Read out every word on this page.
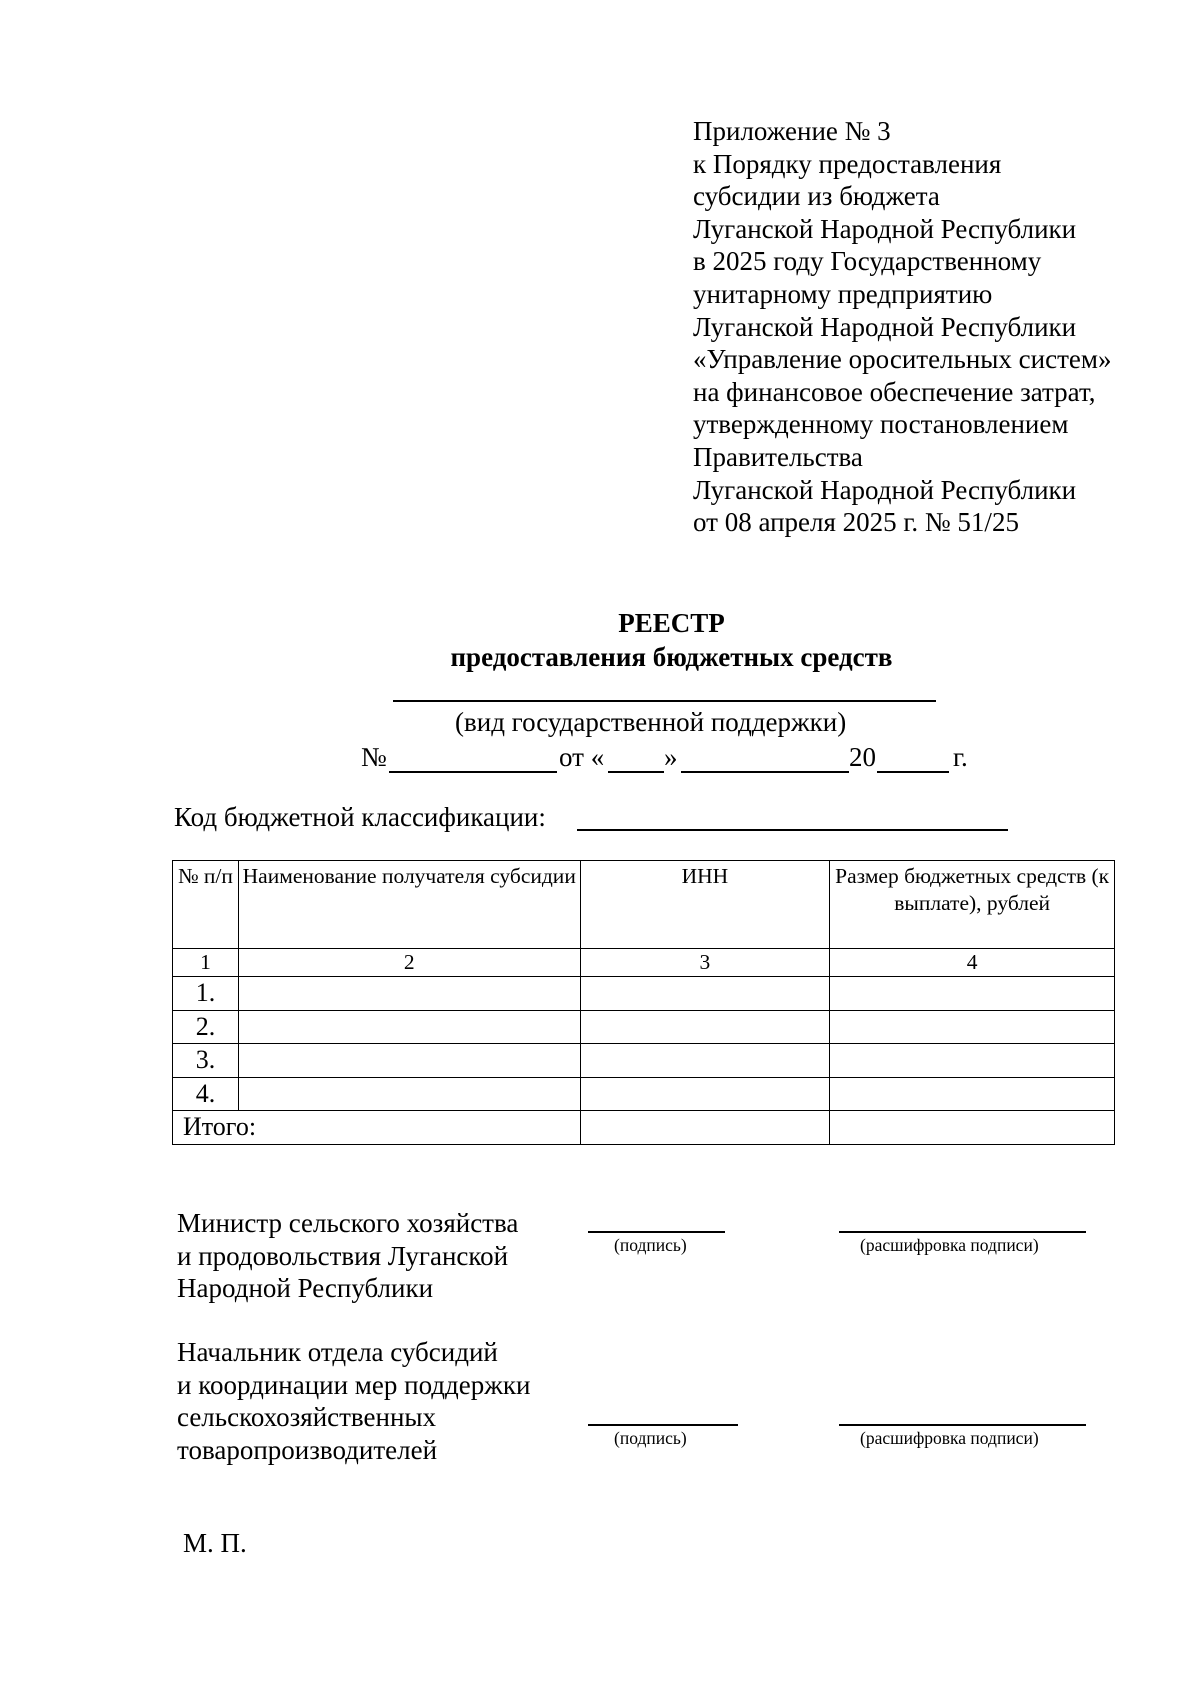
Приложение № 3
к Порядку предоставления
субсидии из бюджета
Луганской Народной Республики
в 2025 году Государственному
унитарному предприятию
Луганской Народной Республики
«Управление оросительных систем»
на финансовое обеспечение затрат,
утвержденному постановлением
Правительства
Луганской Народной Республики
от 08 апреля 2025 г. № 51/25
РЕЕСТР
предоставления бюджетных средств
(вид государственной поддержки)
№	от « »	20	г.
Код бюджетной классификации:
№ п/п	Наименование получателя субсидии	ИНН	Размер бюджетных средств (к выплате), рублей
1	2	3	4
1.			
2.			
3.			
4.			
Итого:			
Министр сельского хозяйства
и продовольствия Луганской
Народной Республики
(подпись)	(расшифровка подписи)
Начальник отдела субсидий
и координации мер поддержки
сельскохозяйственных
товаропроизводителей	(подпись)	(расшифровка подписи)
М. П.
